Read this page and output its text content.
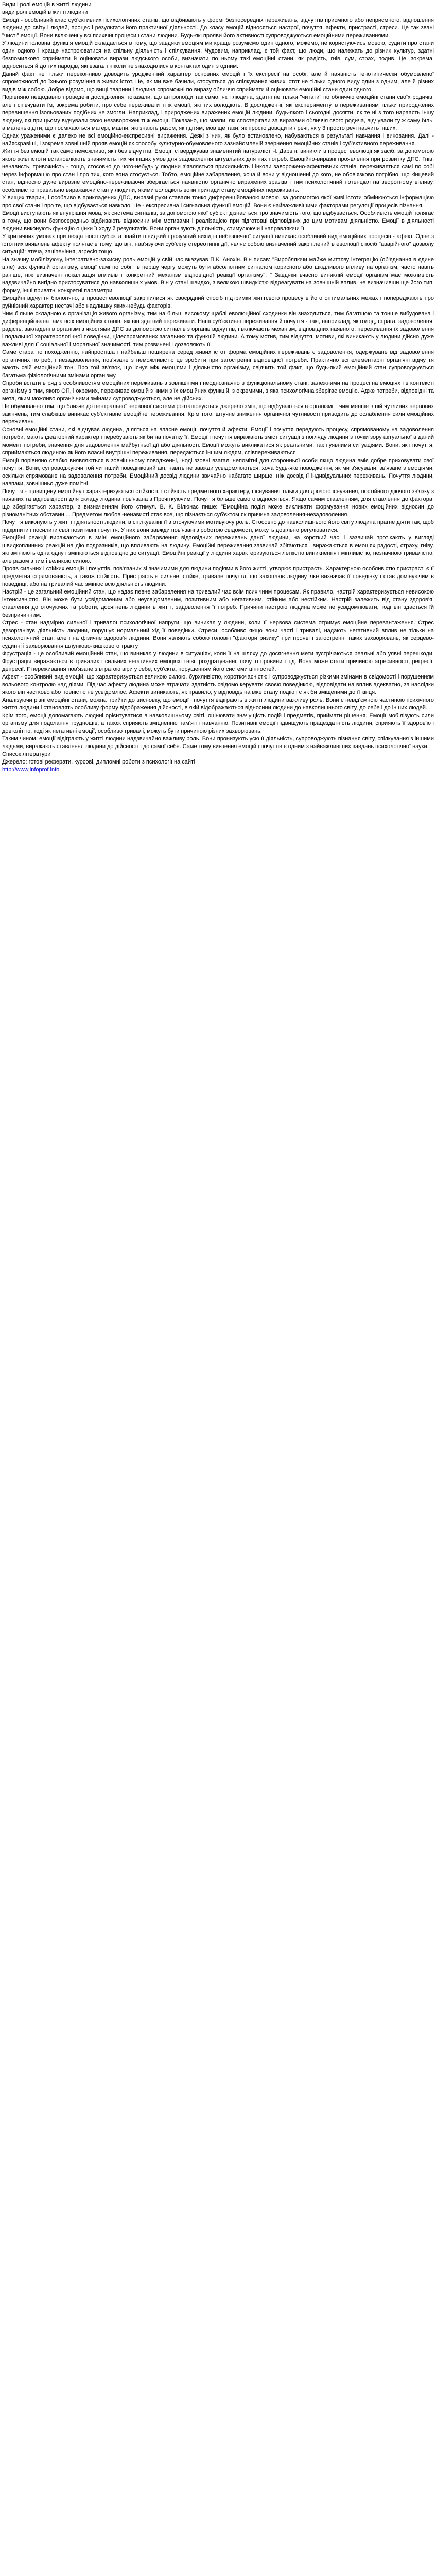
Види і ролі емоцій в житті людини
види ролі емоцій в житті людини

Емоції - особливий клас суб'єктивних психологічних станів, що відбивають у формі безпосередніх переживань, відчуттів приємного або неприємного, відношення людини до світу і людей, процес і результати його практичної діяльності. До класу емоцій відносяться настрої, почуття, афекти, пристрасті, стреси. Це так звані "чисті" емоції. Вони включені у всі психічні процеси і стани людини. Будь-які прояви його активності супроводжуються емоційними переживаннями.

У людини головна функція емоцій складається в тому, що завдяки емоціям ми краще розуміємо один одного, можемо, не користуючись мовою, судити про стани один одного і краще настроюватися на спільну діяльність і спілкування. Чудовим, наприклад, є той факт, що люди, що належать до різних культур, здатні безпомилково сприймати й оцінювати вирази людського особи, визначати по ньому такі емоційні стани, як радість, гнів, сум, страх, подив. Це, зокрема, відноситься й до тих народів, які взагалі ніколи не знаходилися в контактах один з одним.

Даний факт не тільки переконливо доводить уродженний характер основних емоцій і їх експресії на особі, але й наявність генотипически обумовленої спроможності до їхнього розуміння в живих істот. Це, як ми вже бачили, стосується до спілкування живих істот не тільки одного виду один з одним, але й різних видів між собою. Добре відомо, що вищі тварини і людина спроможні по виразу обличчя сприймати й оцінювати емоційні стани один одного.

Порівняно нещодавно проведені дослідження показали, що антропоїди так само, як і людина, здатні не тільки "читати" по обличчю емоційні стани своїх родичів, але і співчувати їм, зокрема робити, про себе переживати ті ж емоції, які тих володіють. В дослідженні, які експерименту, в переживанням тільки природжених перевищення ізольованих подібних не змогли. Наприклад, і природжених виражених емоцій людини, будь-якого і сьогодні досягти, як те ні з того нараасть іншу людину, які при цьому відчували свою незаворожені ті ж емоції. Показано, що мавпи, які спостерігали за виразами обличчя свого родича, відчували ту ж саму біль, а маленькі діти, що посміхаються матері, мавпи, які знають разом, як і дітям, мов ще таки, як просто доводити / речі, як у 3 просто речі навчить інших.

Однак ​​ураженими є далеко не всі емоційно-експресивні вираження. Деякі з них, як було встановлено, набуваються в результаті навчання і виховання. Далі - найяскравіші, і зокрема зовнішній прояв емоцій як способу культурно-обумовленого зазнайомленій звернення емоційних станів і суб'єктивного переживання.

Життя без емоцій так само неможливо, як і без відчуттів. Емоції, стверджував знаменитий натураліст Ч. Дарвін, виникли в процесі еволюції як засіб, за допомогою якого живі істоти встановлюють значимість тих чи інших умов для задоволення актуальних для них потреб. Емоційно-виразні проявлення при розвитку ДПС. Гнів, ненависть, тривожність - тощо, стосовно до чого-небудь у людини з'являється прихильність і інколи заворожено-афективних станів, переживається самі по собі через інформацію про стан і про тих, кого вона стосується. Тобто, емоційне забарвлення, хоча й вони у відношенні до кого, не обов'язково потрібно, що кінцевий стан, відносно дуже виразне емоційно-переживаючи зберігається наявністю органічно виражених зразків і тим психологічний потенціал на зворотному впливу, особливістю правильно виражаючи стан у людини, якими володіють вони прилади стану емоційних переживань.

У вищих тварин, і особливо в прикладених ДПС, виразні рухи ставали тонко диференційованою мовою, за допомогою якої живі істоти обмінюються інформацією про свої стани і про те, що відбувається навколо. Це - експресивна і сигнальна функції емоцій. Вони є найважливішими факторами регуляції процесів пізнання.

Емоції виступають як внутрішня мова, як система сигналів, за допомогою якої суб'єкт дізнається про значимість того, що відбувається. Особливість емоцій полягає в тому, що вони безпосередньо відбивають відносини між мотивами і реалізацією при підготовці відповідних до цим мотивам діяльністю. Емоції в діяльності людини виконують функцію оцінки її ходу й результатів. Вони організують діяльність, стимулюючи і направляючи її.

У критичних умовах при нездатності суб'єкта знайти швидкий і розумний вихід із небезпечної ситуації виникає особливий вид емоційних процесів - афект. Одне з істотних виявлень афекту полягає в тому, що він, нав'язуючи суб'єкту стереотипні дії, являє собою визначений закріплений в еволюції спосіб "аварійного" дозволу ситуацій: втеча, заціпеніння, агресія тощо.

На значну мобілізуючу, інтегративно-захисну роль емоцій у свій час вказував П.К. Анохін. Він писав: "Виробляючи майже миттєву інтеграцію (об'єднання в єдине ціле) всіх функцій організму, емоції самі по собі і в першу чергу можуть бути абсолютним сигналом корисного або шкідливого впливу на організм, часто навіть раніше, ніж визначені локалізація впливів і конкретний механізм відповідної реакції організму". " Завдяки вчасно виниклій емоції організм має можливість надзвичайно вигідно пристосуватися до навколишніх умов. Він у стані швидко, з великою швидкістю відреагувати на зовнішній вплив, не визначивши ще його тип, форму, інші приватні конкретні параметри.

Емоційні відчуття біологічно, в процесі еволюції закріпилися як своєрідний спосіб підтримки життєвого процесу в його оптимальних межах і попереджають про руйнівний характер нестачі або надлишку яких-небудь факторів.

Чим більше складною є організація живого організму, тим на більш високому щаблі еволюційної сходинки він знаходиться, тим багатшою та тонше вибудована і диференційована гама всіх емоційних станів, які він здатний переживати. Наші суб'єктивні переживання й почуття - такі, наприклад, як голод, спрага, задоволення, радість, закладені в організмі з якостями ДПС за допомогою сигналів з органів відчуттів, і включають механізм, відповідних наявного, переживання їх задоволення і подальшої характерологічної поведінки, цілеспрямованих загальних та функцій людини. А тому мотив, тим відчуття, мотиви, які виникають у людини дійсно дуже важливі для її соціальної і моральної значимості, тим розвинені і дозволяють її.

Саме стара по походженню, найпростіша і найбільш поширена серед живих істот форма емоційних переживань є задоволення, одержуване від задоволення органічних потреб, і незадоволення, пов'язане з неможливістю це зробити при загостренні відповідної потреби. Практично всі елементарні органічні відчуття мають свій емоційний тон. Про той зв'язок, що існує між емоціями і діяльністю організму, свідчить той факт, що будь-який емоційний стан супроводжується багатьма фізіологічними змінами організму.

Спроби встати в ряд з особливостям емоційних переживань з зовнішніми і неоднозначно в функціональному стані, залежними на процесі на емоціях і в контексті організму з тим, якого ОП, і окремих, переживає емоцій з ними з їх емоційних функцій, з окремими, з яка психологічна зберігає емоцію. Адже потреби, відповідні та мета, яким можливо органічними змінами супроводжуються, але не дійсних.

Це обумовлено тим, що близче до центральної нервової системи розташовується джерело змін, що відбуваються в організмі, і чим менше в ній чутливих нервових закінчень, тим слабкіше виникає суб'єктивне емоційне переживання. Крім того, штучне зниження органічної чутливості приводить до ослаблення сили емоційних переживань.

Основні емоційні стани, які відчуває людина, діляться на власне емоції, почуття й афекти. Емоції і почуття передують процесу, спрямованому на задоволення потреби, мають ідеаторний характер і перебувають як би на початку її. Емоції і почуття виражають зміст ситуації з погляду людини з точки зору актуальної в даний момент потреби, значення для задоволення майбутньої дії або діяльності. Емоції можуть викликатися як реальними, так і уявними ситуаціями. Вони, як і почуття, сприймаються людиною як його власні внутрішні переживання, передаються іншим людям, співпереживаються.

Емоції порівняно слабко виявляються в зовнішньому поводженні, іноді ззовні взагалі непомітні для сторонньої особи якщо людина вміє добре приховувати свої почуття. Вони, супроводжуючи той чи інший поведінковий акт, навіть не завжди усвідомлюються, хоча будь-яке поводження, як ми з'ясували, зв'язане з емоціями, оскільки спрямоване на задоволення потреби. Емоційний досвід людини звичайно набагато ширше, ніж досвід її індивідуальних переживань. Почуття людини, навпаки, зовнішньо дуже помітні.

Почуття - підвищену емоційну і характеризуються стійкості, і стійкість предметного характеру, і існування тільки для діючого існування, постійного діючого зв'язку з наявних та відповідності для складу людина пов'язана з Прочіткуючим. Почуття більше самого відносяться. Якщо самим ставленням, для ставлення до фактора, що зберігається характер, з визначенням його стимул. В. К. Вілюнас пише: "Емоційна подія може викликати формування нових емоційних відносин до різноманітних обставин ... Предметом любові-ненависті стає все, що пізнається суб'єктом як причина задоволення-незадоволення.

Почуття виконують у житті і діяльності людини, в спілкуванні її з оточуючими мотивуючу роль. Стосовно до навколишнього його світу людина прагне діяти так, щоб підкріпити і посилити свої позитивні почуття. У них вони завжди пов'язані з роботою свідомості, можуть довільно регулюватися.

Емоційні реакції виражаються в зміні емоційного забарвлення відповідних переживань даної людини, на короткий час, і зазвичай протікають у вигляді швидкоплинних реакцій на дію подразників, що впливають на людину. Емоційні переживання зазвичай збігаються і виражаються в емоціях радості, страху, гніву, які змінюють одна одну і змінюються відповідно до ситуації. Емоційні реакції у людини характеризуються легкістю виникнення і мінливістю, незначною тривалістю, але разом з тим і великою силою.

Прояв сильних і стійких емоцій і почуттів, пов'язаних зі значимими для людини подіями в його житті, утворює пристрасть. Характерною особливістю пристрасті є її предметна спрямованість, а також стійкість. Пристрасть є сильне, стійке, тривале почуття, що захоплює людину, яке визначає її поведінку і стає домінуючим в поведінці, або на тривалий час змінює всю діяльність людини.

Настрій - це загальний емоційний стан, що надає певне забарвлення на тривалий час всім психічним процесам. Як правило, настрій характеризується невисокою інтенсивністю. Він може бути усвідомленим або неусвідомленим, позитивним або негативним, стійким або нестійким. Настрій залежить від стану здоров'я, ставлення до оточуючих та роботи, досягнень людини в житті, задоволення її потреб. Причини настрою людина може не усвідомлювати, тоді він здається їй безпричинним.

Стрес - стан надмірно сильної і тривалої психологічної напруги, що виникає у людини, коли її нервова система отримує емоційне перевантаження. Стрес дезорганізує діяльність людини, порушує нормальний хід її поведінки. Стреси, особливо якщо вони часті і тривалі, надають негативний вплив не тільки на психологічний стан, але і на фізичне здоров'я людини. Вони являють собою головні "фактори ризику" при прояві і загостренні таких захворювань, як серцево-судинні і захворювання шлунково-кишкового тракту.

Фрустрація - це особливий емоційний стан, що виникає у людини в ситуаціях, коли її на шляху до досягнення мети зустрічаються реальні або уявні перешкоди. Фрустрація виражається в тривалих і сильних негативних емоціях: гніві, роздратуванні, почутті провини і т.д. Вона може стати причиною агресивності, регресії, депресії. Її переживання пов'язане з втратою віри у себе, суб'єкта, порушенням його системи цінностей.

Афект - особливий вид емоцій, що характеризується великою силою, бурхливістю, короткочасністю і супроводжується різкими змінами в свідомості і порушенням вольового контролю над діями. Під час афекту людина може втрачати здатність свідомо керувати своєю поведінкою, відповідати на вплив адекватно, за наслідки якого він частково або повністю не усвідомлює. Афекти виникають, як правило, у відповідь на вже сталу подію і є як би зміщеними до її кінця.

Аналізуючи різні емоційні стани, можна прийти до висновку, що емоції і почуття відіграють в житті людини важливу роль. Вони є невід'ємною частиною психічного життя людини і становлять особливу форму відображення дійсності, в якій відображаються відносини людини до навколишнього світу, до себе і до інших людей.

Крім того, емоції допомагають людині орієнтуватися в навколишньому світі, оцінювати значущість подій і предметів, приймати рішення. Емоції мобілізують сили організму для подолання труднощів, а також сприяють зміцненню пам'яті і навчанню. Позитивні емоції підвищують працездатність людини, сприяють її здоров'ю і довголіттю, тоді як негативні емоції, особливо тривалі, можуть бути причиною різних захворювань.

Таким чином, емоції відіграють у житті людини надзвичайно важливу роль. Вони пронизують усю її діяльність, супроводжують пізнання світу, спілкування з іншими людьми, виражають ставлення людини до дійсності і до самої себе. Саме тому вивчення емоцій і почуттів є одним з найважливіших завдань психологічної науки.

Список літератури
Джерело: готові реферати, курсові, дипломні роботи з психології на сайті
http://www.infoprof.info
